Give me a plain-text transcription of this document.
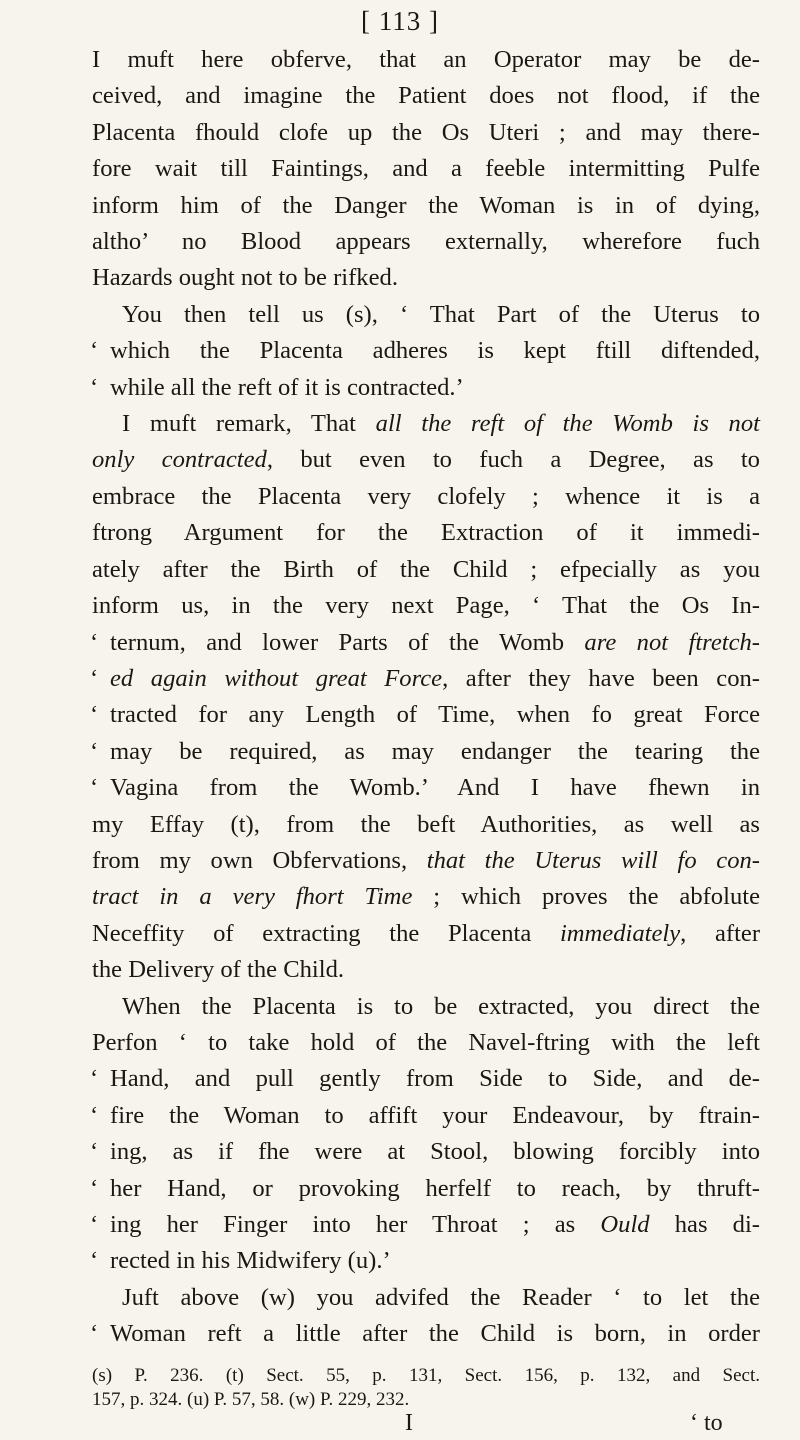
[ 113 ]
I muft here obferve, that an Operator may be de-
ceived, and imagine the Patient does not flood, if the
Placenta fhould clofe up the Os Uteri ; and may there-
fore wait till Faintings, and a feeble intermitting Pulfe
inform him of the Danger the Woman is in of dying,
altho’ no Blood appears externally, wherefore fuch
Hazards ought not to be rifked.
You then tell us (s), ‘ That Part of the Uterus to
‘ which the Placenta adheres is kept ftill diftended,
‘ while all the reft of it is contracted.’
I muft remark, That all the reft of the Womb is not
only contracted, but even to fuch a Degree, as to
embrace the Placenta very clofely ; whence it is a
ftrong Argument for the Extraction of it immedi-
ately after the Birth of the Child ; efpecially as you
inform us, in the very next Page, ‘ That the Os In-
‘ ternum, and lower Parts of the Womb are not ftretch-
‘ ed again without great Force, after they have been con-
‘ tracted for any Length of Time, when fo great Force
‘ may be required, as may endanger the tearing the
‘ Vagina from the Womb.’ And I have fhewn in
my Effay (t), from the beft Authorities, as well as
from my own Obfervations, that the Uterus will fo con-
tract in a very fhort Time ; which proves the abfolute
Neceffity of extracting the Placenta immediately, after
the Delivery of the Child.
When the Placenta is to be extracted, you direct the
Perfon ‘ to take hold of the Navel-ftring with the left
‘ Hand, and pull gently from Side to Side, and de-
‘ fire the Woman to affift your Endeavour, by ftrain-
‘ ing, as if fhe were at Stool, blowing forcibly into
‘ her Hand, or provoking herfelf to reach, by thruft-
‘ ing her Finger into her Throat ; as Ould has di-
‘ rected in his Midwifery (u).’
Juft above (w) you advifed the Reader ‘ to let the
‘ Woman reft a little after the Child is born, in order
(s) P. 236. (t) Sect. 55, p. 131, Sect. 156, p. 132, and Sect.
157, p. 324. (u) P. 57, 58. (w) P. 229, 232.
I	‘ to
